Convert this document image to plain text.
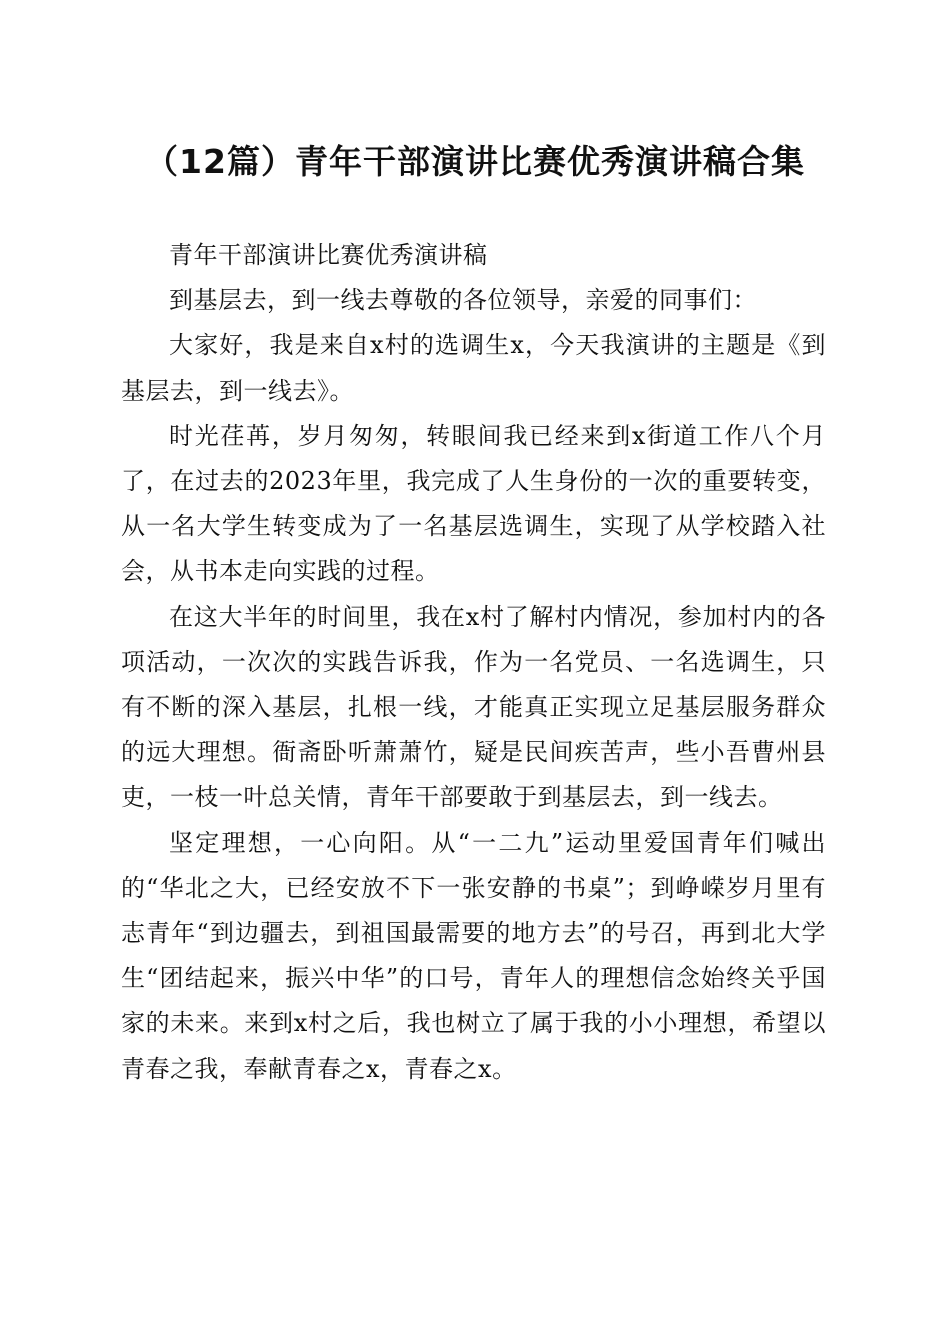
（12篇）青年干部演讲比赛优秀演讲稿合集

青年干部演讲比赛优秀演讲稿

到基层去，到一线去尊敬的各位领导，亲爱的同事们：

大家好，我是来自x村的选调生x，今天我演讲的主题是《到基层去，到一线去》。

时光荏苒，岁月匆匆，转眼间我已经来到x街道工作八个月了，在过去的2023年里，我完成了人生身份的一次的重要转变，从一名大学生转变成为了一名基层选调生，实现了从学校踏入社会，从书本走向实践的过程。

在这大半年的时间里，我在x村了解村内情况，参加村内的各项活动，一次次的实践告诉我，作为一名党员、一名选调生，只有不断的深入基层，扎根一线，才能真正实现立足基层服务群众的远大理想。衙斋卧听萧萧竹，疑是民间疾苦声，些小吾曹州县吏，一枝一叶总关情，青年干部要敢于到基层去，到一线去。

坚定理想，一心向阳。从“一二九”运动里爱国青年们喊出的“华北之大，已经安放不下一张安静的书桌”；到峥嵘岁月里有志青年“到边疆去，到祖国最需要的地方去”的号召，再到北大学生“团结起来，振兴中华”的口号，青年人的理想信念始终关乎国家的未来。来到x村之后，我也树立了属于我的小小理想，希望以青春之我，奉献青春之x，青春之x。
